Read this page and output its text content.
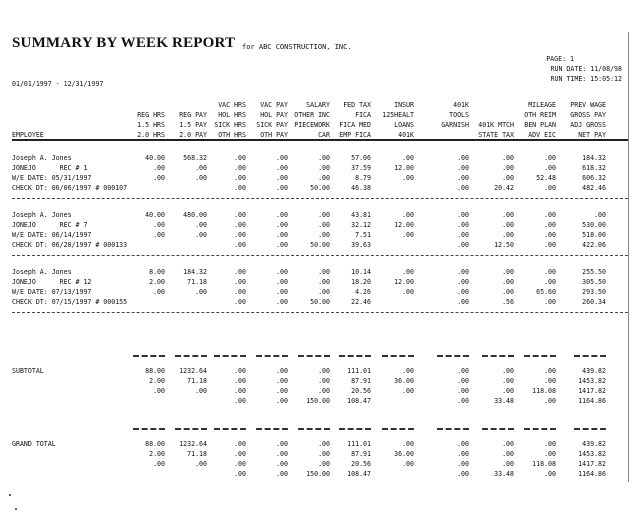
SUMMARY BY WEEK REPORT for ABC CONSTRUCTION, INC.
01/01/1997 - 12/31/1997
PAGE: 1
RUN DATE: 11/08/98
RUN TIME: 15:05:12
EMPLOYEE
REG HRS
1.5 HRS
2.0 HRS
REG PAY
1.5 PAY
2.0 PAY
VAC HRS
HOL HRS
SICK HRS
OTH HRS
VAC PAY
HOL PAY
SICK PAY
OTH PAY
SALARY
OTHER INC
PIECEWORK
CAR
FED TAX
FICA
FICA MED
EMP FICA
INSUR
125HEALT
LOANS
401K
401K
TOOLS
GARNISH 401K MTCH
STATE TAX
MILEAGE
OTH REIM
BEN PLAN
ADV EIC
PREV WAGE
GROSS PAY
ADJ GROSS
NET PAY
Joseph A. Jones
JONEJO      REC # 1
W/E DATE: 05/31/1997
CHECK DT: 06/06/1997 # 000107
40.00
.00
.00
568.32
.00
.00
.00
.00
.00
.00
.00
.00
.00
.00
.00
.00
.00
50.00
57.06
37.59
8.79
46.38
.00
12.00
.00
.00
.00
.00
.00
.00
.00
.00
20.42
.00
.00
52.48
.00
184.32
618.32
606.32
482.46
Joseph A. Jones
JONEJO      REC # 7
W/E DATE: 06/14/1997
CHECK DT: 06/20/1997 # 000133
40.00
.00
.00
480.00
.00
.00
.00
.00
.00
.00
.00
.00
.00
.00
.00
.00
.00
50.00
43.81
32.12
7.51
39.63
.00
12.00
.00
.00
.00
.00
.00
.00
.00
.00
12.50
.00
.00
.00
.00
.00
530.00
518.00
422.06
Joseph A. Jones
JONEJO      REC # 12
W/E DATE: 07/13/1997
CHECK DT: 07/15/1997 # 000155
8.00
2.00
.00
184.32
71.18
.00
.00
.00
.00
.00
.00
.00
.00
.00
.00
.00
.00
50.00
10.14
18.20
4.26
22.46
.00
12.00
.00
.00
.00
.00
.00
.00
.00
.00
.56
.00
.00
65.60
.00
255.50
305.50
293.50
260.34
SUBTOTAL	88.00
2.00
.00
1232.64
71.18
.00
.00
.00
.00
.00
.00
.00
.00
.00
.00
.00
.00
150.00
111.01
87.91
20.56
108.47
.00
36.00
.00
.00
.00
.00
.00
.00
.00
.00
33.48
.00
.00
118.08
.00
439.82
1453.82
1417.82
1164.86
GRAND TOTAL	88.00
2.00
.00
1232.64
71.18
.00
.00
.00
.00
.00
.00
.00
.00
.00
.00
.00
.00
150.00
111.01
87.91
20.56
108.47
.00
36.00
.00
.00
.00
.00
.00
.00
.00
.00
33.48
.00
.00
118.08
.00
439.82
1453.82
1417.82
1164.86
